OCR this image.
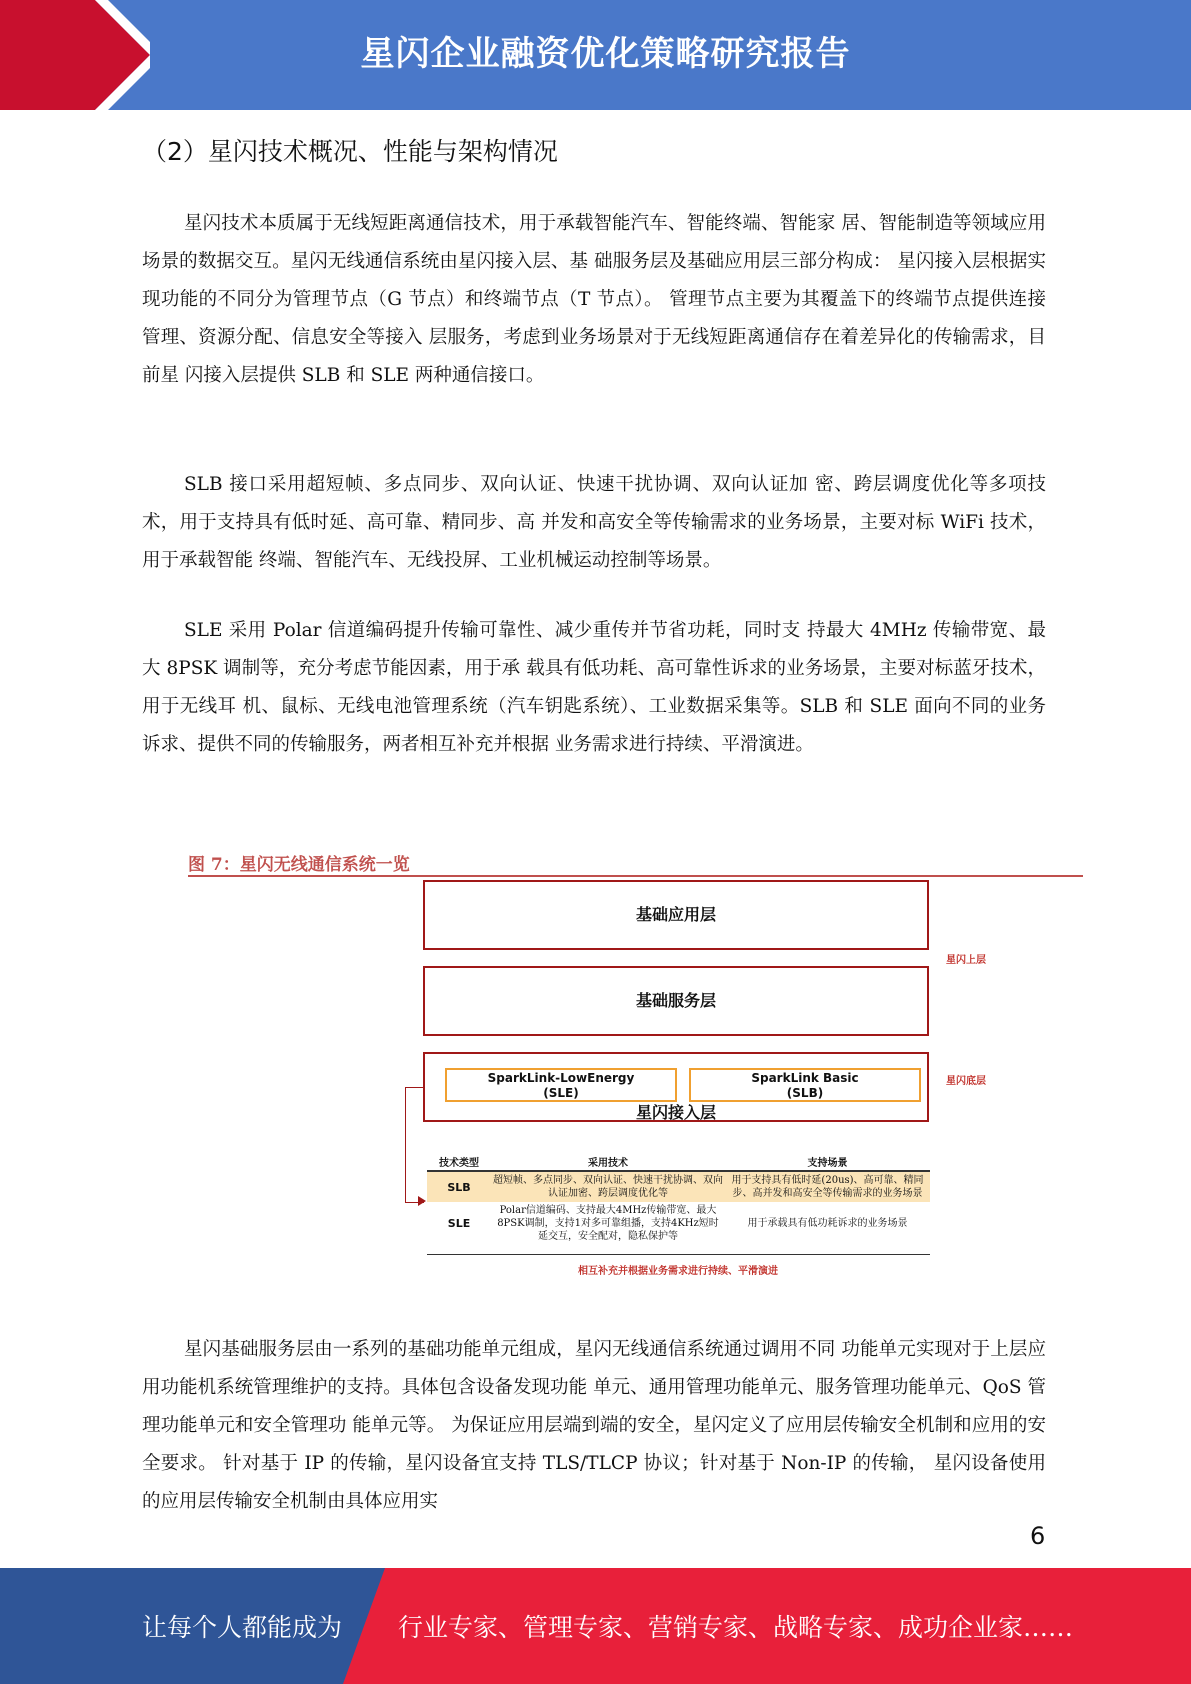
星闪企业融资优化策略研究报告
（2）星闪技术概况、性能与架构情况

星闪技术本质属于无线短距离通信技术，用于承载智能汽车、智能终端、智能家 居、智能制造等领域应用场景的数据交互。星闪无线通信系统由星闪接入层、基 础服务层及基础应用层三部分构成： 星闪接入层根据实现功能的不同分为管理节点（G 节点）和终端节点（T 节点）。 管理节点主要为其覆盖下的终端节点提供连接管理、资源分配、信息安全等接入 层服务，考虑到业务场景对于无线短距离通信存在着差异化的传输需求，目前星 闪接入层提供 SLB 和 SLE 两种通信接口。

SLB 接口采用超短帧、多点同步、双向认证、快速干扰协调、双向认证加 密、跨层调度优化等多项技术，用于支持具有低时延、高可靠、精同步、高 并发和高安全等传输需求的业务场景，主要对标 WiFi 技术，用于承载智能 终端、智能汽车、无线投屏、工业机械运动控制等场景。

SLE 采用 Polar 信道编码提升传输可靠性、减少重传并节省功耗，同时支 持最大 4MHz 传输带宽、最大 8PSK 调制等，充分考虑节能因素，用于承 载具有低功耗、高可靠性诉求的业务场景，主要对标蓝牙技术，用于无线耳 机、鼠标、无线电池管理系统（汽车钥匙系统）、工业数据采集等。SLB 和 SLE 面向不同的业务诉求、提供不同的传输服务，两者相互补充并根据 业务需求进行持续、平滑演进。

图 7：星闪无线通信系统一览
基础应用层
基础服务层
SparkLink-LowEnergy
(SLE)
SparkLink Basic
(SLB)
星闪接入层
星闪上层
星闪底层
技术类型	采用技术	支持场景
SLB	超短帧、多点同步、双向认证、快速干扰协调、双向认证加密、跨层调度优化等	用于支持具有低时延(20us)、高可靠、精同步、高并发和高安全等传输需求的业务场景
SLE	Polar信道编码、支持最大4MHz传输带宽、最大8PSK调制，支持1对多可靠组播，支持4KHz短时延交互，安全配对，隐私保护等	用于承载具有低功耗诉求的业务场景
相互补充并根据业务需求进行持续、平滑演进

星闪基础服务层由一系列的基础功能单元组成，星闪无线通信系统通过调用不同 功能单元实现对于上层应用功能机系统管理维护的支持。具体包含设备发现功能 单元、通用管理功能单元、服务管理功能单元、QoS 管理功能单元和安全管理功 能单元等。 为保证应用层端到端的安全，星闪定义了应用层传输安全机制和应用的安全要求。 针对基于 IP 的传输，星闪设备宜支持 TLS/TLCP 协议；针对基于 Non-IP 的传输， 星闪设备使用的应用层传输安全机制由具体应用实

6
让每个人都能成为 行业专家、管理专家、营销专家、战略专家、成功企业家……
